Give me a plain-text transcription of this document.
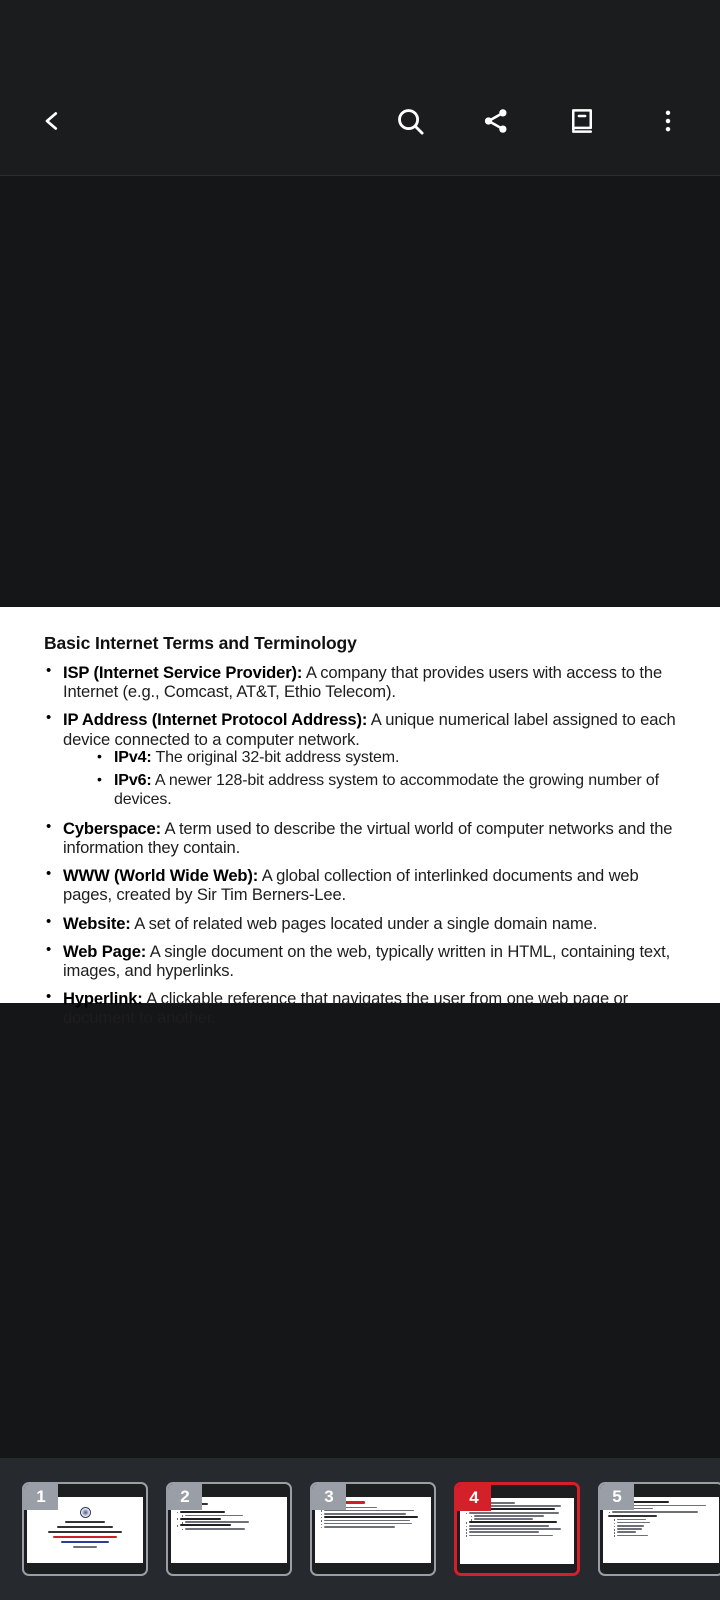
Basic Internet Terms and Terminology
• ISP (Internet Service Provider): A company that provides users with access to the Internet (e.g., Comcast, AT&T, Ethio Telecom).
• IP Address (Internet Protocol Address): A unique numerical label assigned to each device connected to a computer network.
• IPv4: The original 32-bit address system.
• IPv6: A newer 128-bit address system to accommodate the growing number of devices.
• Cyberspace: A term used to describe the virtual world of computer networks and the information they contain.
• WWW (World Wide Web): A global collection of interlinked documents and web pages, created by Sir Tim Berners-Lee.
• Website: A set of related web pages located under a single domain name.
• Web Page: A single document on the web, typically written in HTML, containing text, images, and hyperlinks.
• Hyperlink: A clickable reference that navigates the user from one web page or document to another.
1	2	3	4	5
